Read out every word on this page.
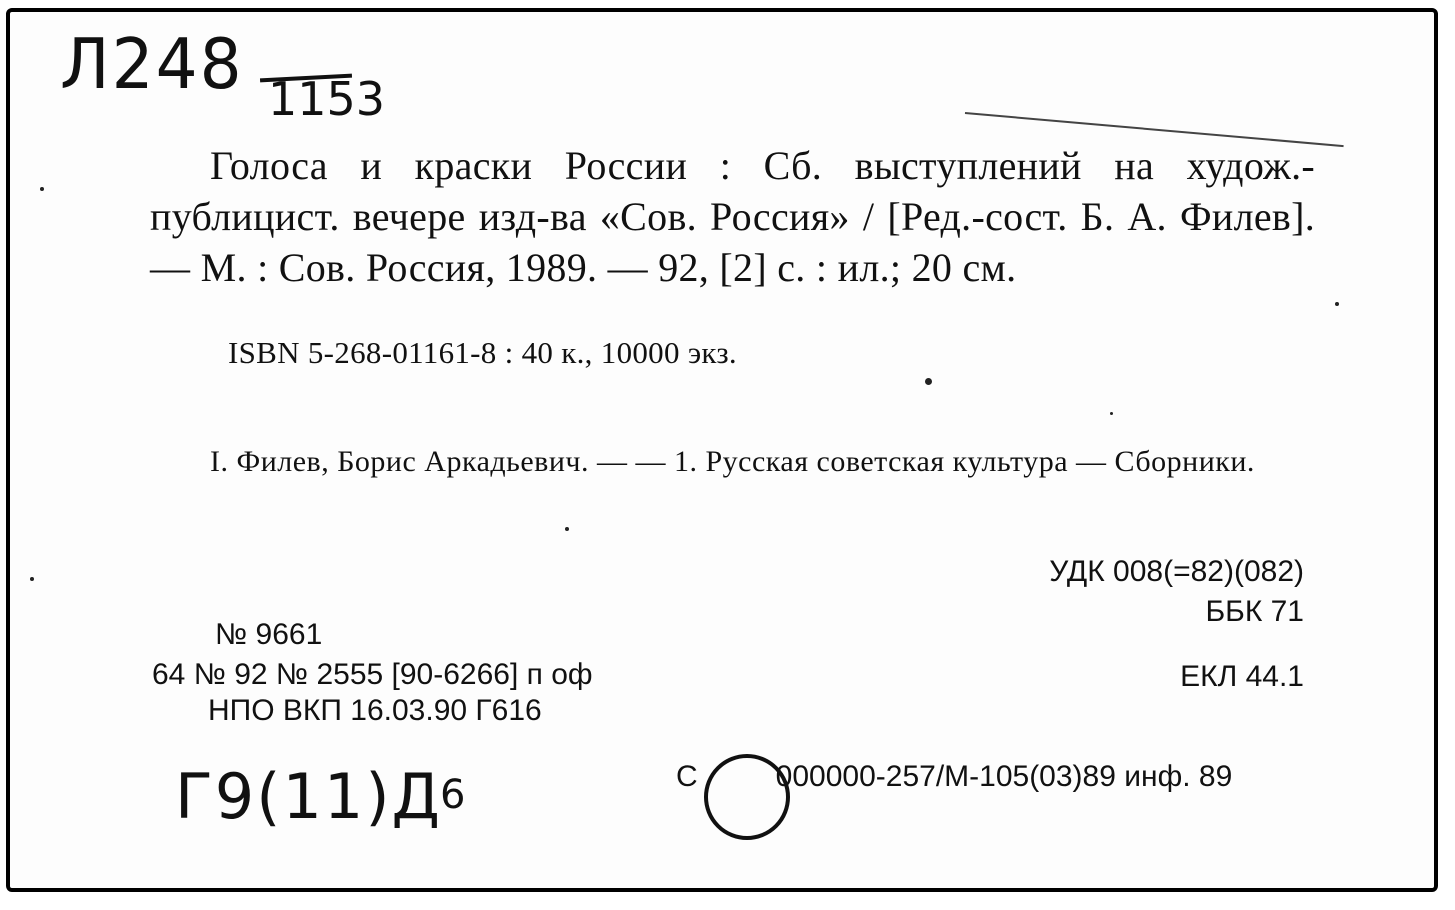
Л248 1153
Голоса и краски России : Сб. выступлений на худож.-публицист. вечере изд-ва «Сов. Россия» / [Ред.-сост. Б. А. Филев]. — М. : Сов. Россия, 1989. — 92, [2] с. : ил.; 20 см.
ISBN 5-268-01161-8 : 40 к., 10000 экз.
I. Филев, Борис Аркадьевич. — — 1. Русская советская культура — Сборники.
УДК 008(=82)(082)
ББК 71
№ 9661
64 № 92 № 2555 [90-6266] п оф	ЕКЛ 44.1
НПО ВКП 16.03.90 Г616
С	000000-257/М-105(03)89 инф. 89
Г9(11)Д
6
